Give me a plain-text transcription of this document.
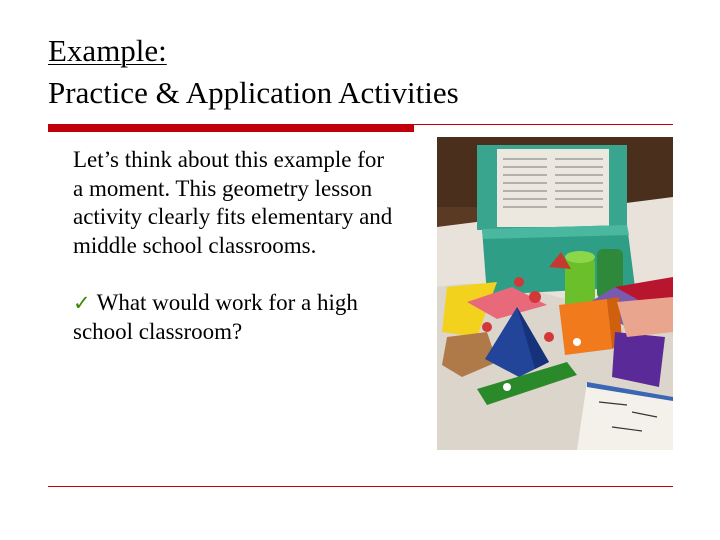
Example:
Practice & Application Activities

Let’s think about this example for a moment. This geometry lesson activity clearly fits elementary and middle school classrooms.

✓ What would work for a high school classroom?
